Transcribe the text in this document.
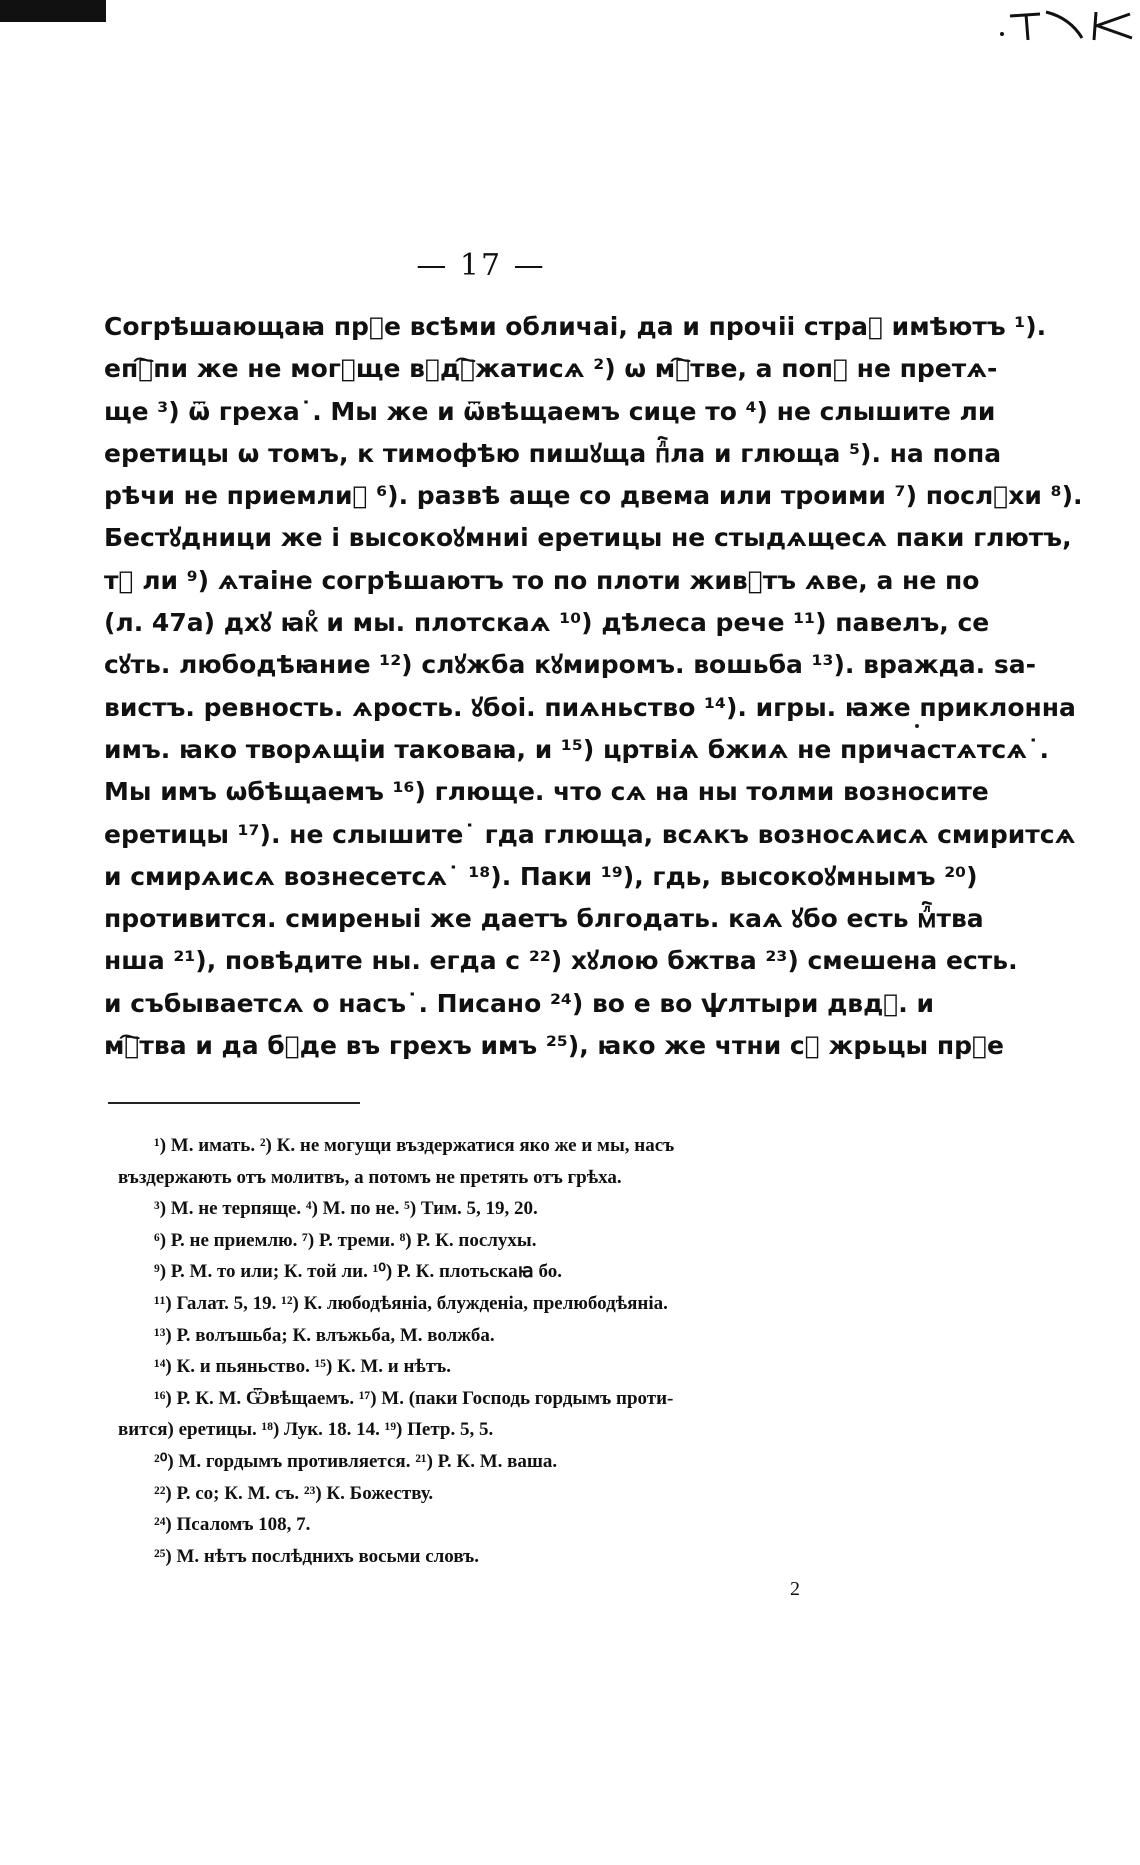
— 17 —
Согрѣшающаꙗ прⷣе всѣми обличаі, да и прочіі страⷯ имѣютъ ¹).
епⷭ҇пи же не могꙋще вꙁдⷬ҇жатисѧ ²) ѡ мⷧ҇тве, а попⷪ не претѧ-
ще ³) ѿ греха˙. Мы же и ѿвѣщаемъ сице то ⁴) не слышите ли
еретицы ѡ томъ, к тимофѣю пишꙋща пⷧ҇ла и глюща ⁵). на попа
рѣчи не приемлиⷶ ⁶). развѣ аще со двема или троими ⁷) послꙋхи ⁸).
Бестꙋдници же і высокоꙋмниі еретицы не стыдѧщесѧ паки глютъ,
тⷪ ли ⁹) ѧтаіне согрѣшаютъ то по плоти живꙋтъ ѧве, а не по
(л. 47а) дхꙋ ꙗкⷪ и мы. плотскаѧ ¹⁰) дѣлеса рече ¹¹) павелъ, се
сꙋть. любодѣꙗние ¹²) слꙋжба кꙋмиромъ. вошьба ¹³). вражда. ѕа-
вистъ. ревность. ѧрость. ꙋбоі. пиѧньство ¹⁴). игры. ꙗже приклонна
имъ. ꙗко творѧщіи таковаꙗ, и ¹⁵) цртвіѧ бжиѧ не причастѧтсѧ˙.
Мы имъ ѡбѣщаемъ ¹⁶) глюще. что сѧ на ны толми возносите
еретицы ¹⁷). не слышите˙ гда глюща, всѧкъ возносѧисѧ смиритсѧ
и смирѧисѧ вознесетсѧ˙ ¹⁸). Паки ¹⁹), гдь, высокоꙋмнымъ ²⁰)
противится. смиреныі же даетъ блгодать. каѧ ꙋбо есть мⷧ҇тва
нша ²¹), повѣдите ны. егда с ²²) хꙋлою бжтва ²³) смешена есть.
и събываетсѧ о насъ˙. Писано ²⁴) во е во ѱлтыри двдⷪ. и
мⷧ҇тва и да бꙋде въ грехъ имъ ²⁵), ꙗко же чтни сꙋ жрьцы прⷣе
¹) М. имать. ²) К. не могущи въздержатися яко же и мы, насъ
въздержають отъ молитвъ, а потомъ не претять отъ грѣха.
³) М. не терпяще. ⁴) М. по не. ⁵) Тим. 5, 19, 20.
⁶) Р. не приемлю. ⁷) Р. треми. ⁸) Р. К. послухы.
⁹) Р. М. то или; К. той ли. ¹⁰) Р. К. плотьскаꙗ бо.
¹¹) Галат. 5, 19. ¹²) К. любодѣяніа, блужденіа, прелюбодѣяніа.
¹³) Р. волъшьба; К. влъжьба, М. волжба.
¹⁴) К. и пьяньство. ¹⁵) К. М. и нѣтъ.
¹⁶) Р. К. М. Ѿвѣщаемъ. ¹⁷) М. (паки Господь гордымъ проти-
вится) еретицы. ¹⁸) Лук. 18. 14. ¹⁹) Петр. 5, 5.
²⁰) М. гордымъ противляется. ²¹) Р. К. М. ваша.
²²) Р. со; К. М. съ. ²³) К. Божеству.
²⁴) Псаломъ 108, 7.
²⁵) М. нѣтъ послѣднихъ восьми словъ.
2
